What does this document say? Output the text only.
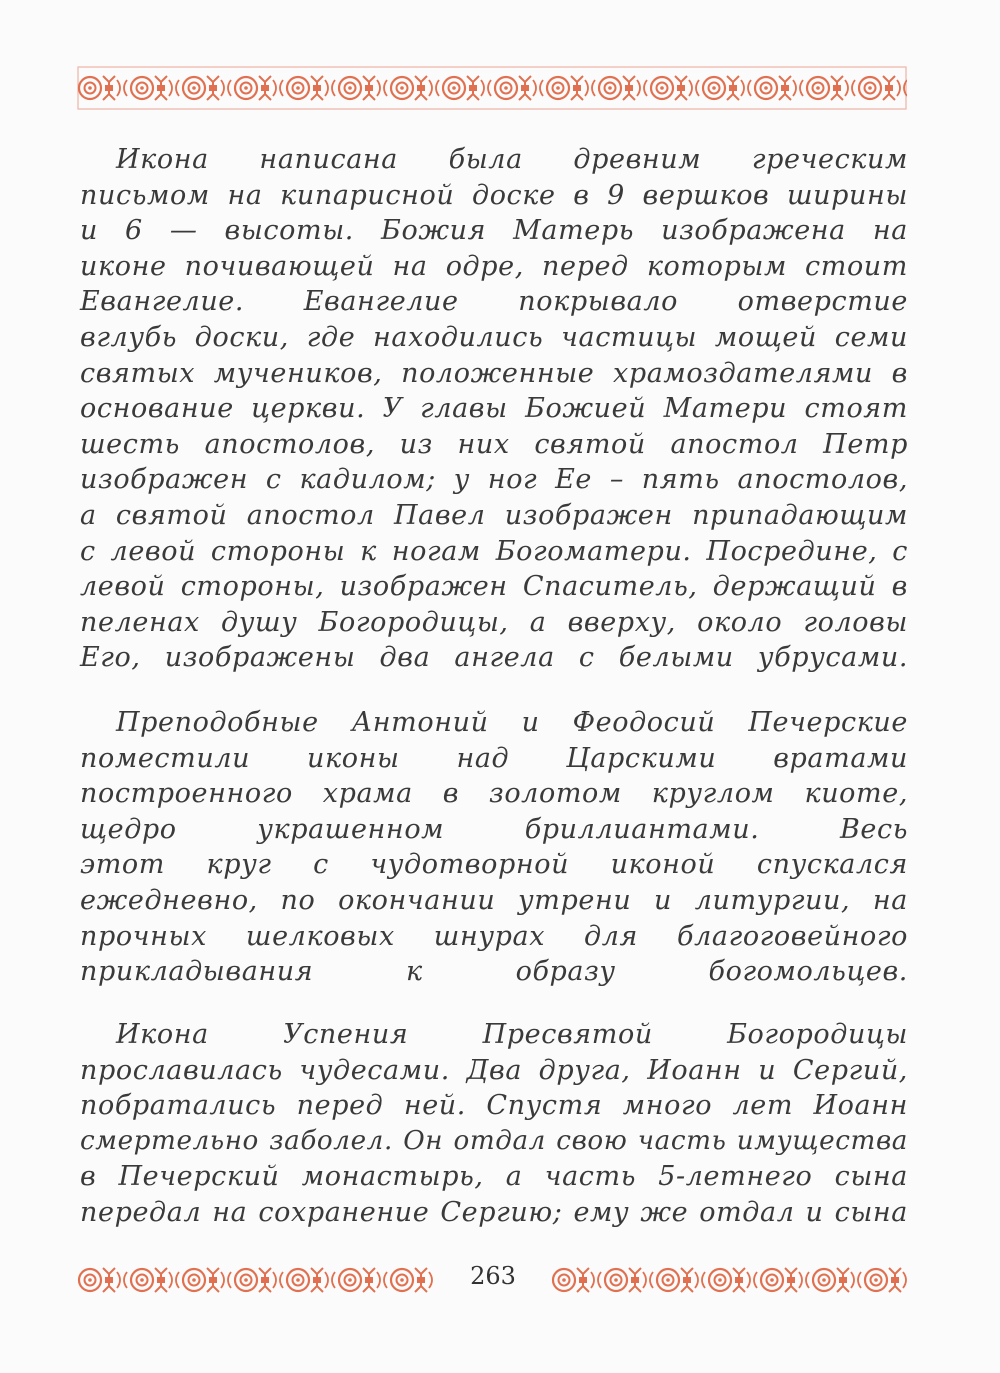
Икона написана была древним греческим
письмом на кипарисной доске в 9 вершков ширины
и 6 — высоты. Божия Матерь изображена на
иконе почивающей на одре, перед которым стоит
Евангелие. Евангелие покрывало отверстие
вглубь доски, где находились частицы мощей семи
святых мучеников, положенные храмоздателями в
основание церкви. У главы Божией Матери стоят
шесть апостолов, из них святой апостол Петр
изображен с кадилом; у ног Ее – пять апостолов,
а святой апостол Павел изображен припадающим
с левой стороны к ногам Богоматери. Посредине, с
левой стороны, изображен Спаситель, держащий в
пеленах душу Богородицы, а вверху, около головы
Его, изображены два ангела с белыми убрусами.
Преподобные Антоний и Феодосий Печерские
поместили иконы над Царскими вратами
построенного храма в золотом круглом киоте,
щедро украшенном бриллиантами. Весь
этот круг с чудотворной иконой спускался
ежедневно, по окончании утрени и литургии, на
прочных шелковых шнурах для благоговейного
прикладывания к образу богомольцев.
Икона Успения Пресвятой Богородицы
прославилась чудесами. Два друга, Иоанн и Сергий,
побратались перед ней. Спустя много лет Иоанн
смертельно заболел. Он отдал свою часть имущества
в Печерский монастырь, а часть 5-летнего сына
передал на сохранение Сергию; ему же отдал и сына
263
